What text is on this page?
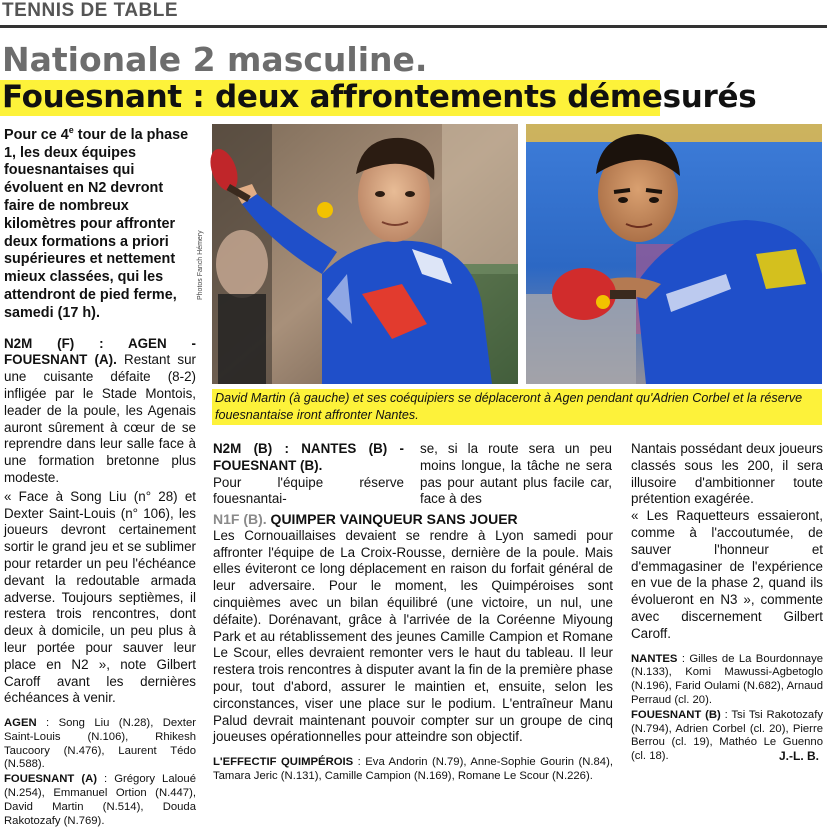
TENNIS DE TABLE
Nationale 2 masculine.
Fouesnant : deux affrontements démesurés

Pour ce 4e tour de la phase 1, les deux équipes fouesnantaises qui évoluent en N2 devront faire de nombreux kilomètres pour affronter deux formations a priori supérieures et nettement mieux classées, qui les attendront de pied ferme, samedi (17 h).

N2M (F) : AGEN - FOUESNANT (A). Restant sur une cuisante défaite (8-2) infligée par le Stade Montois, leader de la poule, les Agenais auront sûrement à cœur de se reprendre dans leur salle face à une formation bretonne plus modeste.

« Face à Song Liu (n° 28) et Dexter Saint-Louis (n° 106), les joueurs devront certainement sortir le grand jeu et se sublimer pour retarder un peu l'échéance devant la redoutable armada adverse. Toujours septièmes, il restera trois rencontres, dont deux à domicile, un peu plus à leur portée pour sauver leur place en N2 », note Gilbert Caroff avant les dernières échéances à venir.

AGEN : Song Liu (N.28), Dexter Saint-Louis (N.106), Rhikesh Taucoory (N.476), Laurent Tédo (N.588).

FOUESNANT (A) : Grégory Laloué (N.254), Emmanuel Ortion (N.447), David Martin (N.514), Douda Rakotozafy (N.769).

Photos Fanch Hémery
David Martin (à gauche) et ses coéquipiers se déplaceront à Agen pendant qu'Adrien Corbel et la réserve fouesnantaise iront affronter Nantes.

N2M (B) : NANTES (B) - FOUESNANT (B).

Pour l'équipe réserve fouesnantai-

se, si la route sera un peu moins longue, la tâche ne sera pas pour autant plus facile car, face à des

N1F (B). QUIMPER VAINQUEUR SANS JOUER

Les Cornouaillaises devaient se rendre à Lyon samedi pour affronter l'équipe de La Croix-Rousse, dernière de la poule. Mais elles éviteront ce long déplacement en raison du forfait général de leur adversaire. Pour le moment, les Quimpéroises sont cinquièmes avec un bilan équilibré (une victoire, un nul, une défaite). Dorénavant, grâce à l'arrivée de la Coréenne Miyoung Park et au rétablissement des jeunes Camille Campion et Romane Le Scour, elles devraient remonter vers le haut du tableau. Il leur restera trois rencontres à disputer avant la fin de la première phase pour, tout d'abord, assurer le maintien et, ensuite, selon les circonstances, viser une place sur le podium. L'entraîneur Manu Palud devrait maintenant pouvoir compter sur un groupe de cinq joueuses opérationnelles pour atteindre son objectif.

L'EFFECTIF QUIMPÉROIS : Eva Andorin (N.79), Anne-Sophie Gourin (N.84), Tamara Jeric (N.131), Camille Campion (N.169), Romane Le Scour (N.226).

Nantais possédant deux joueurs classés sous les 200, il sera illusoire d'ambitionner toute prétention exagérée.

« Les Raquetteurs essaieront, comme à l'accoutumée, de sauver l'honneur et d'emmagasiner de l'expérience en vue de la phase 2, quand ils évolueront en N3 », commente avec discernement Gilbert Caroff.

NANTES : Gilles de La Bourdonnaye (N.133), Komi Mawussi-Agbetoglo (N.196), Farid Oulami (N.682), Arnaud Perraud (cl. 20).

FOUESNANT (B) : Tsi Tsi Rakotozafy (N.794), Adrien Corbel (cl. 20), Pierre Berrou (cl. 19), Mathéo Le Guenno (cl. 18).	J.-L. B.
